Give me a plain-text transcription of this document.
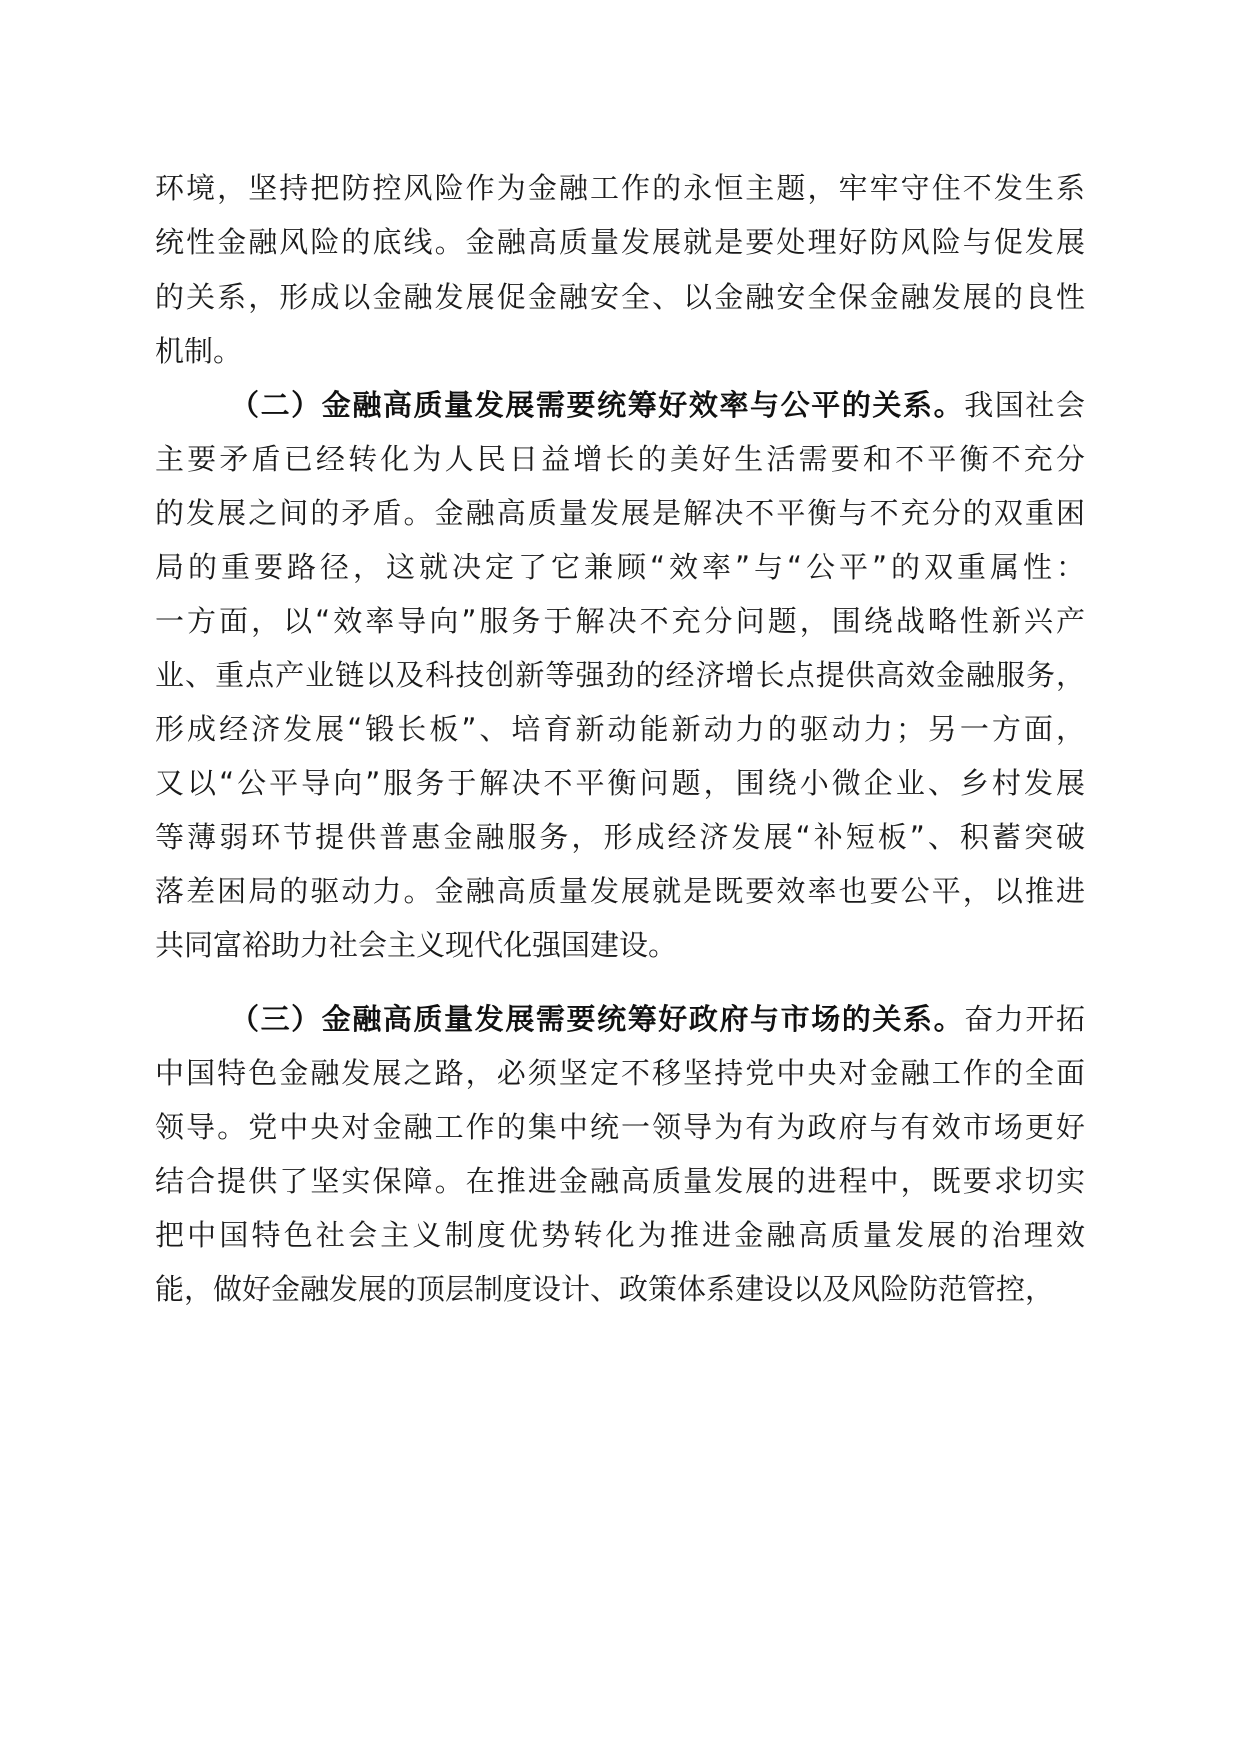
环境，坚持把防控风险作为金融工作的永恒主题，牢牢守住不发生系
统性金融风险的底线。金融高质量发展就是要处理好防风险与促发展
的关系，形成以金融发展促金融安全、以金融安全保金融发展的良性
机制。
（二）金融高质量发展需要统筹好效率与公平的关系。我国社会
主要矛盾已经转化为人民日益增长的美好生活需要和不平衡不充分
的发展之间的矛盾。金融高质量发展是解决不平衡与不充分的双重困
局的重要路径，这就决定了它兼顾“效率”与“公平”的双重属性：
一方面，以“效率导向”服务于解决不充分问题，围绕战略性新兴产
业、重点产业链以及科技创新等强劲的经济增长点提供高效金融服务，
形成经济发展“锻长板”、培育新动能新动力的驱动力；另一方面，
又以“公平导向”服务于解决不平衡问题，围绕小微企业、乡村发展
等薄弱环节提供普惠金融服务，形成经济发展“补短板”、积蓄突破
落差困局的驱动力。金融高质量发展就是既要效率也要公平，以推进
共同富裕助力社会主义现代化强国建设。
（三）金融高质量发展需要统筹好政府与市场的关系。奋力开拓
中国特色金融发展之路，必须坚定不移坚持党中央对金融工作的全面
领导。党中央对金融工作的集中统一领导为有为政府与有效市场更好
结合提供了坚实保障。在推进金融高质量发展的进程中，既要求切实
把中国特色社会主义制度优势转化为推进金融高质量发展的治理效
能，做好金融发展的顶层制度设计、政策体系建设以及风险防范管控，
